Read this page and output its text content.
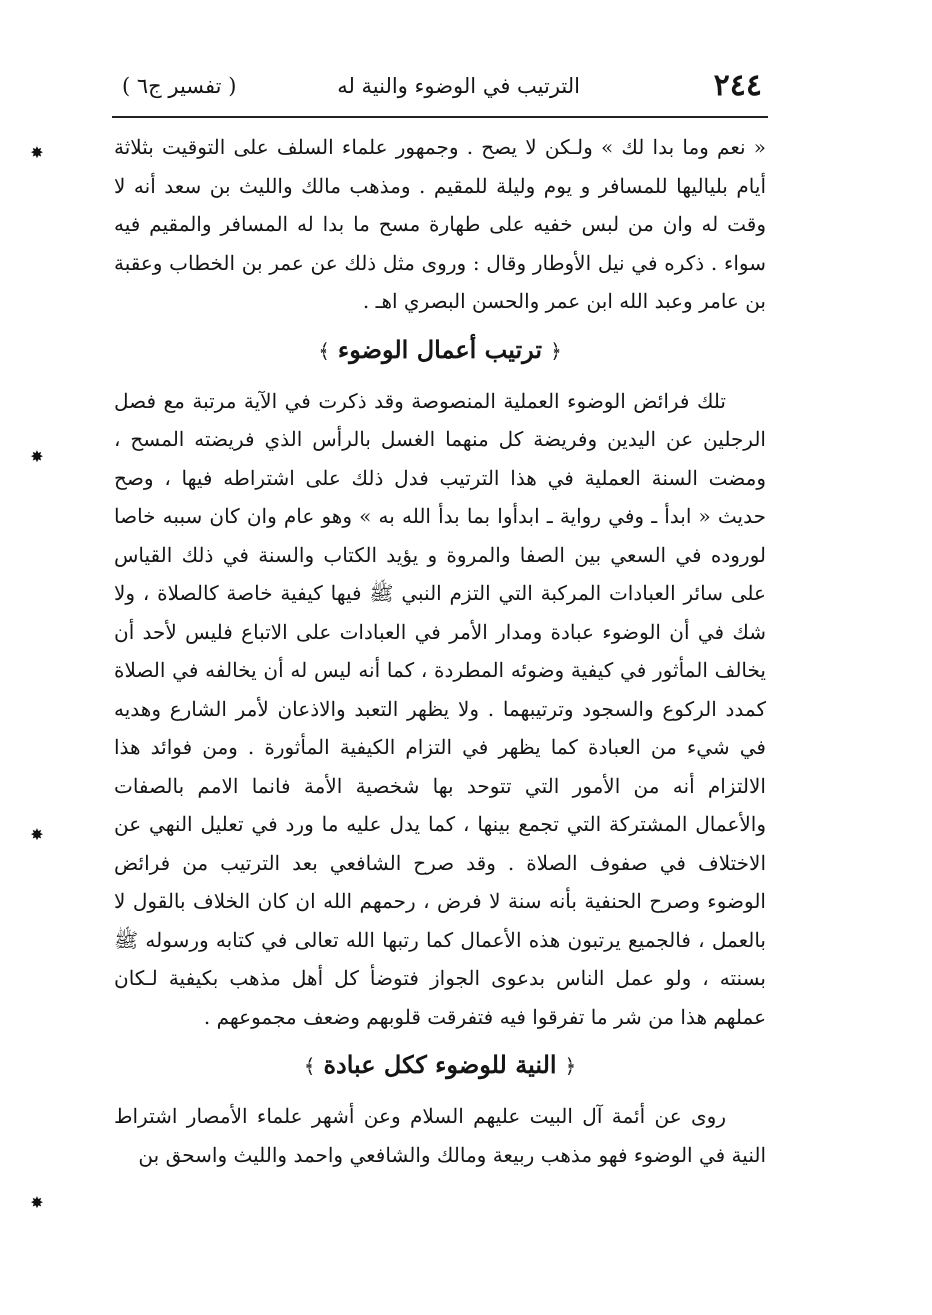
٢٤٤
الترتيب في الوضوء والنية له
( تفسير ج٦ )

« نعم وما بدا لك » ولـكن لا يصح . وجمهور علماء السلف على التوقيت بثلاثة أيام بلياليها للمسافر و يوم وليلة للمقيم . ومذهب مالك والليث بن سعد أنه لا وقت له وان من لبس خفيه على طهارة مسح ما بدا له المسافر والمقيم فيه سواء . ذكره في نيل الأوطار وقال : وروى مثل ذلك عن عمر بن الخطاب وعقبة بن عامر وعبد الله ابن عمر والحسن البصري اهـ .

﴿ترتيب أعمال الوضوء﴾

تلك فرائض الوضوء العملية المنصوصة وقد ذكرت في الآية مرتبة مع فصل الرجلين عن اليدين وفريضة كل منهما الغسل بالرأس الذي فريضته المسح ، ومضت السنة العملية في هذا الترتيب فدل ذلك على اشتراطه فيها ، وصح حديث « ابدأ ـ وفي رواية ـ ابدأوا بما بدأ الله به » وهو عام وان كان سببه خاصا لوروده في السعي بين الصفا والمروة و يؤيد الكتاب والسنة في ذلك القياس على سائر العبادات المركبة التي التزم النبي ﷺ فيها كيفية خاصة كالصلاة ، ولا شك في أن الوضوء عبادة ومدار الأمر في العبادات على الاتباع فليس لأحد أن يخالف المأثور في كيفية وضوئه المطردة ، كما أنه ليس له أن يخالفه في الصلاة كمدد الركوع والسجود وترتيبهما . ولا يظهر التعبد والاذعان لأمر الشارع وهديه في شيء من العبادة كما يظهر في التزام الكيفية المأثورة . ومن فوائد هذا الالتزام أنه من الأمور التي تتوحد بها شخصية الأمة فانما الامم بالصفات والأعمال المشتركة التي تجمع بينها ، كما يدل عليه ما ورد في تعليل النهي عن الاختلاف في صفوف الصلاة . وقد صرح الشافعي بعد الترتيب من فرائض الوضوء وصرح الحنفية بأنه سنة لا فرض ، رحمهم الله ان كان الخلاف بالقول لا بالعمل ، فالجميع يرتبون هذه الأعمال كما رتبها الله تعالى في كتابه ورسوله ﷺ بسنته ، ولو عمل الناس بدعوى الجواز فتوضأ كل أهل مذهب بكيفية لـكان عملهم هذا من شر ما تفرقوا فيه فتفرقت قلوبهم وضعف مجموعهم .

﴿النية للوضوء ككل عبادة﴾

روى عن أئمة آل البيت عليهم السلام وعن أشهر علماء الأمصار اشتراط النية في الوضوء فهو مذهب ربيعة ومالك والشافعي واحمد والليث واسحق بن

✸
✸
✸
✸
